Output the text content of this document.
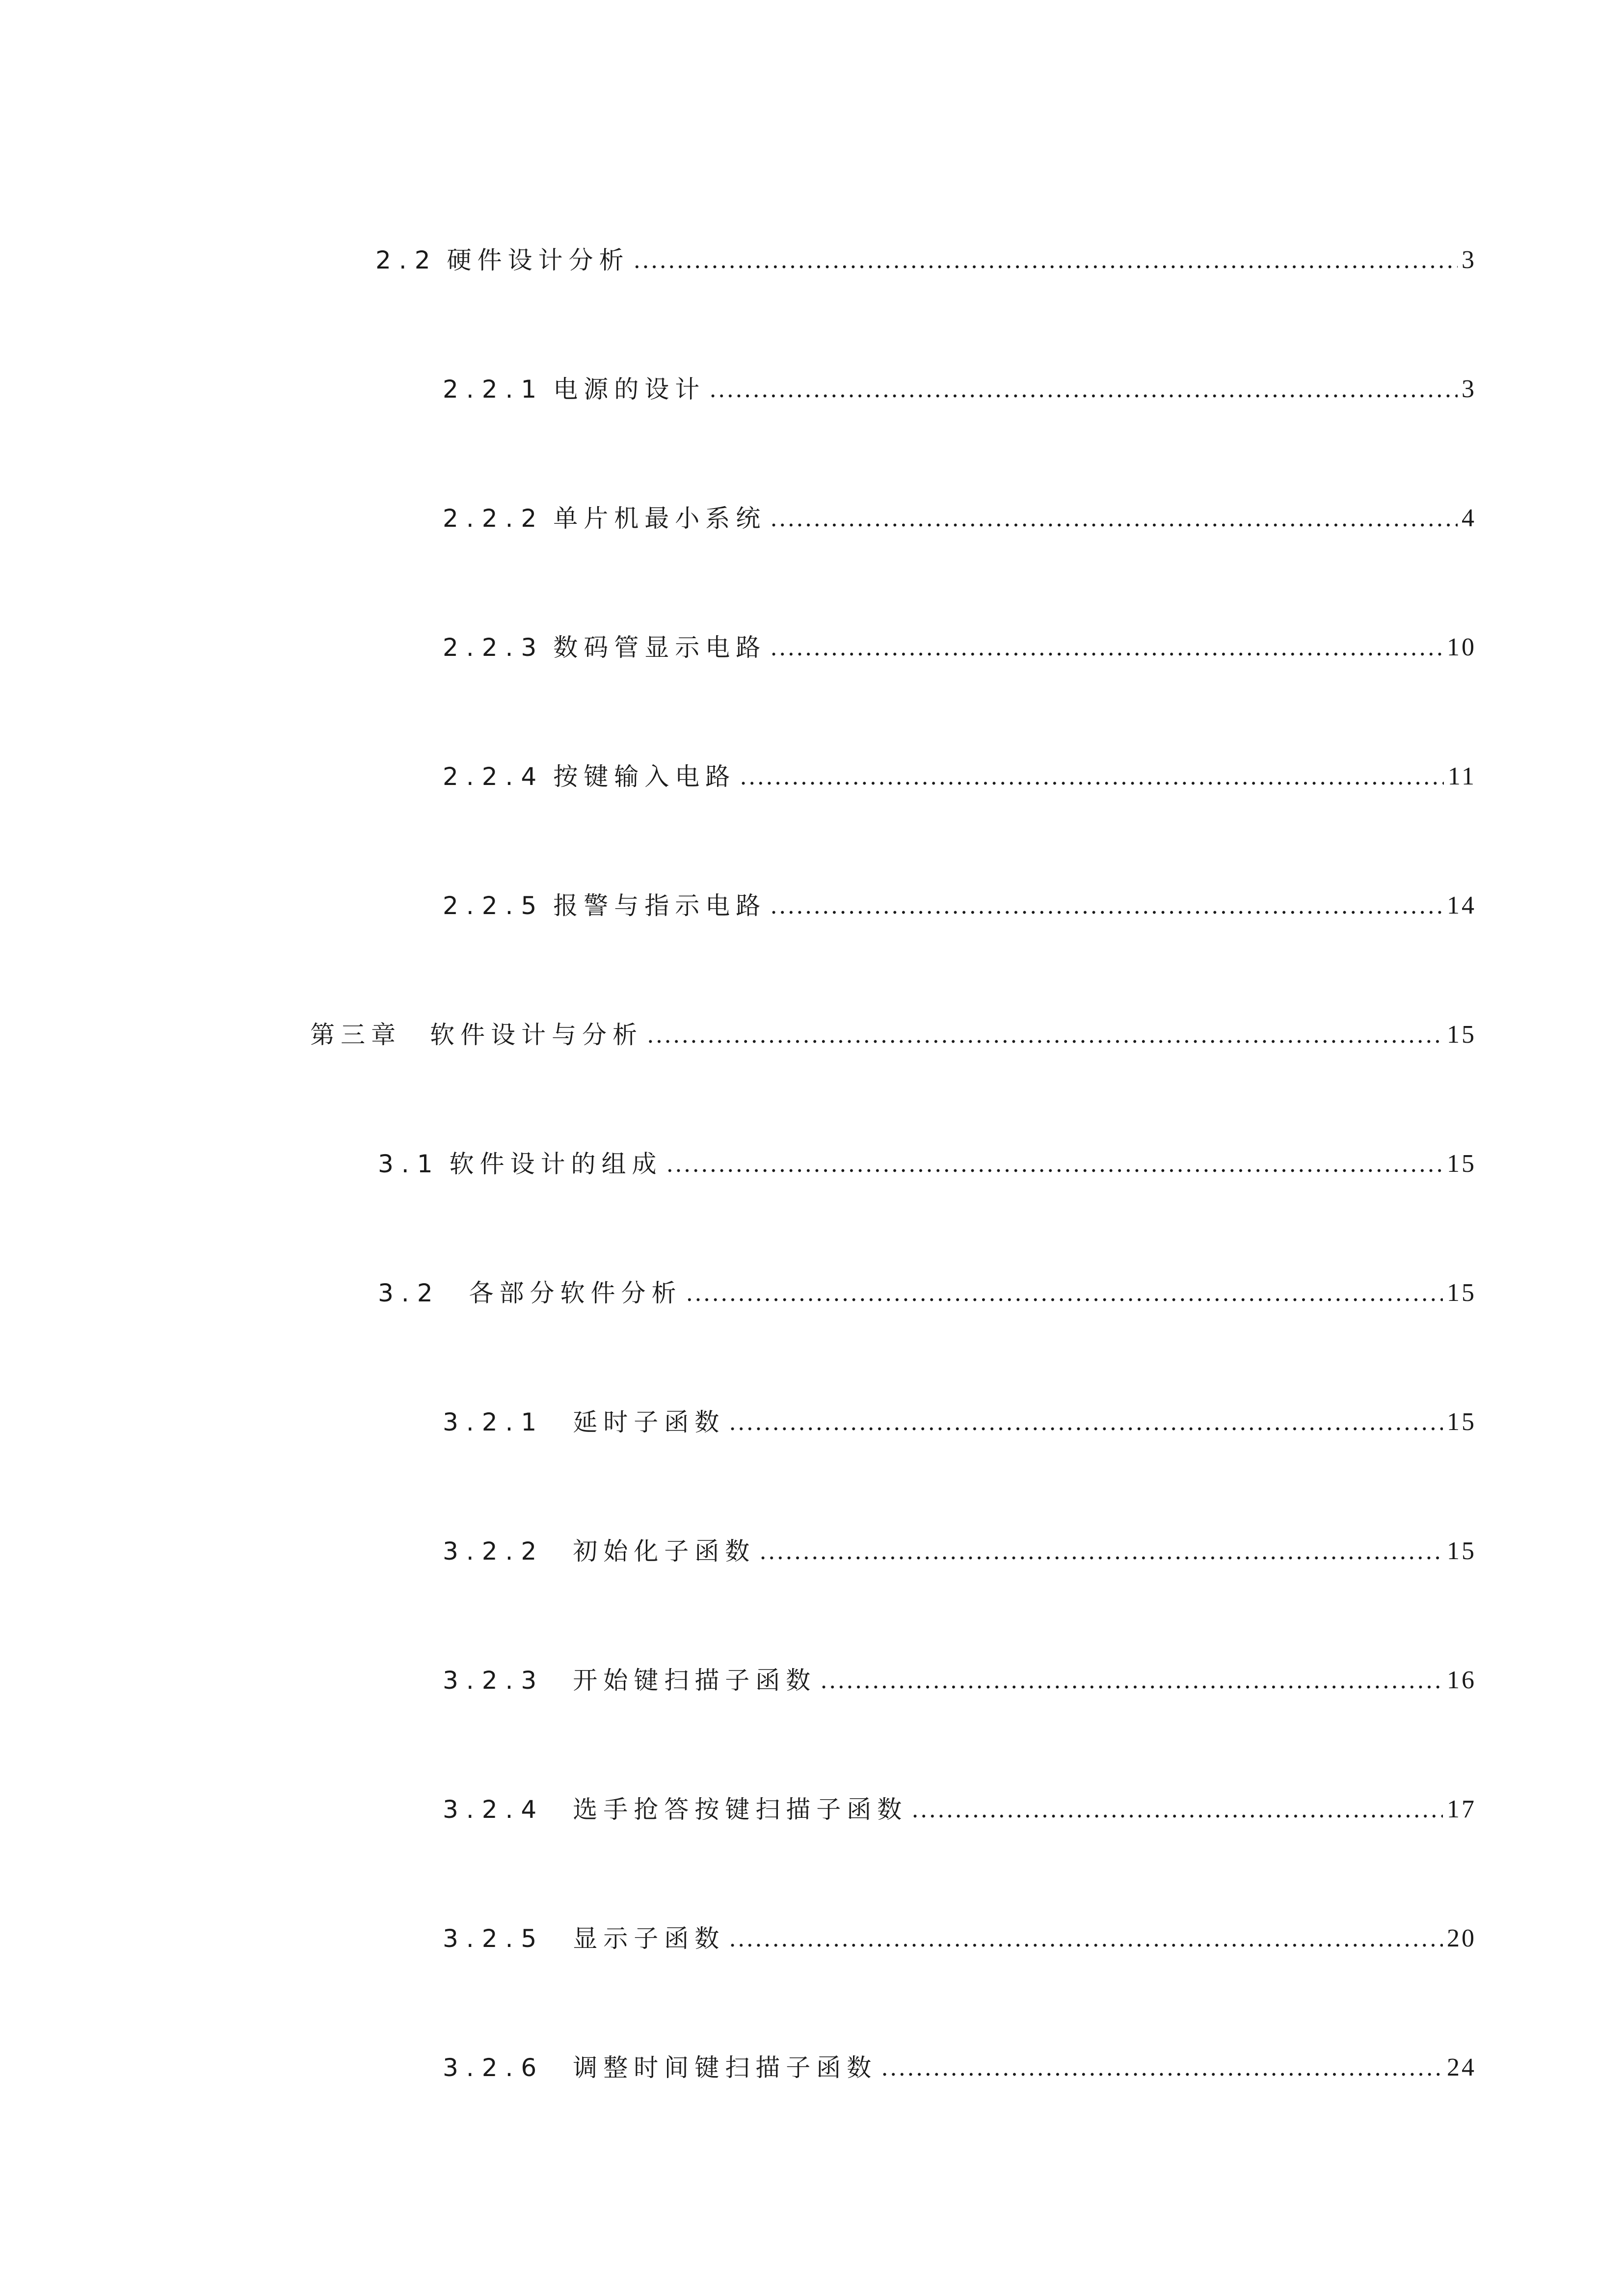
2.2 硬件设计分析 .....	3
2.2.1 电源的设计 .....	3
2.2.2 单片机最小系统 .....	4
2.2.3 数码管显示电路 .....	10
2.2.4 按键输入电路 .....	11
2.2.5 报警与指示电路 .....	14
第三章 软件设计与分析 .....	15
3.1 软件设计的组成 .....	15
3.2 各部分软件分析 .....	15
3.2.1 延时子函数 .....	15
3.2.2 初始化子函数 .....	15
3.2.3 开始键扫描子函数 .....	16
3.2.4 选手抢答按键扫描子函数 .....	17
3.2.5 显示子函数 .....	20
3.2.6 调整时间键扫描子函数 .....	24
